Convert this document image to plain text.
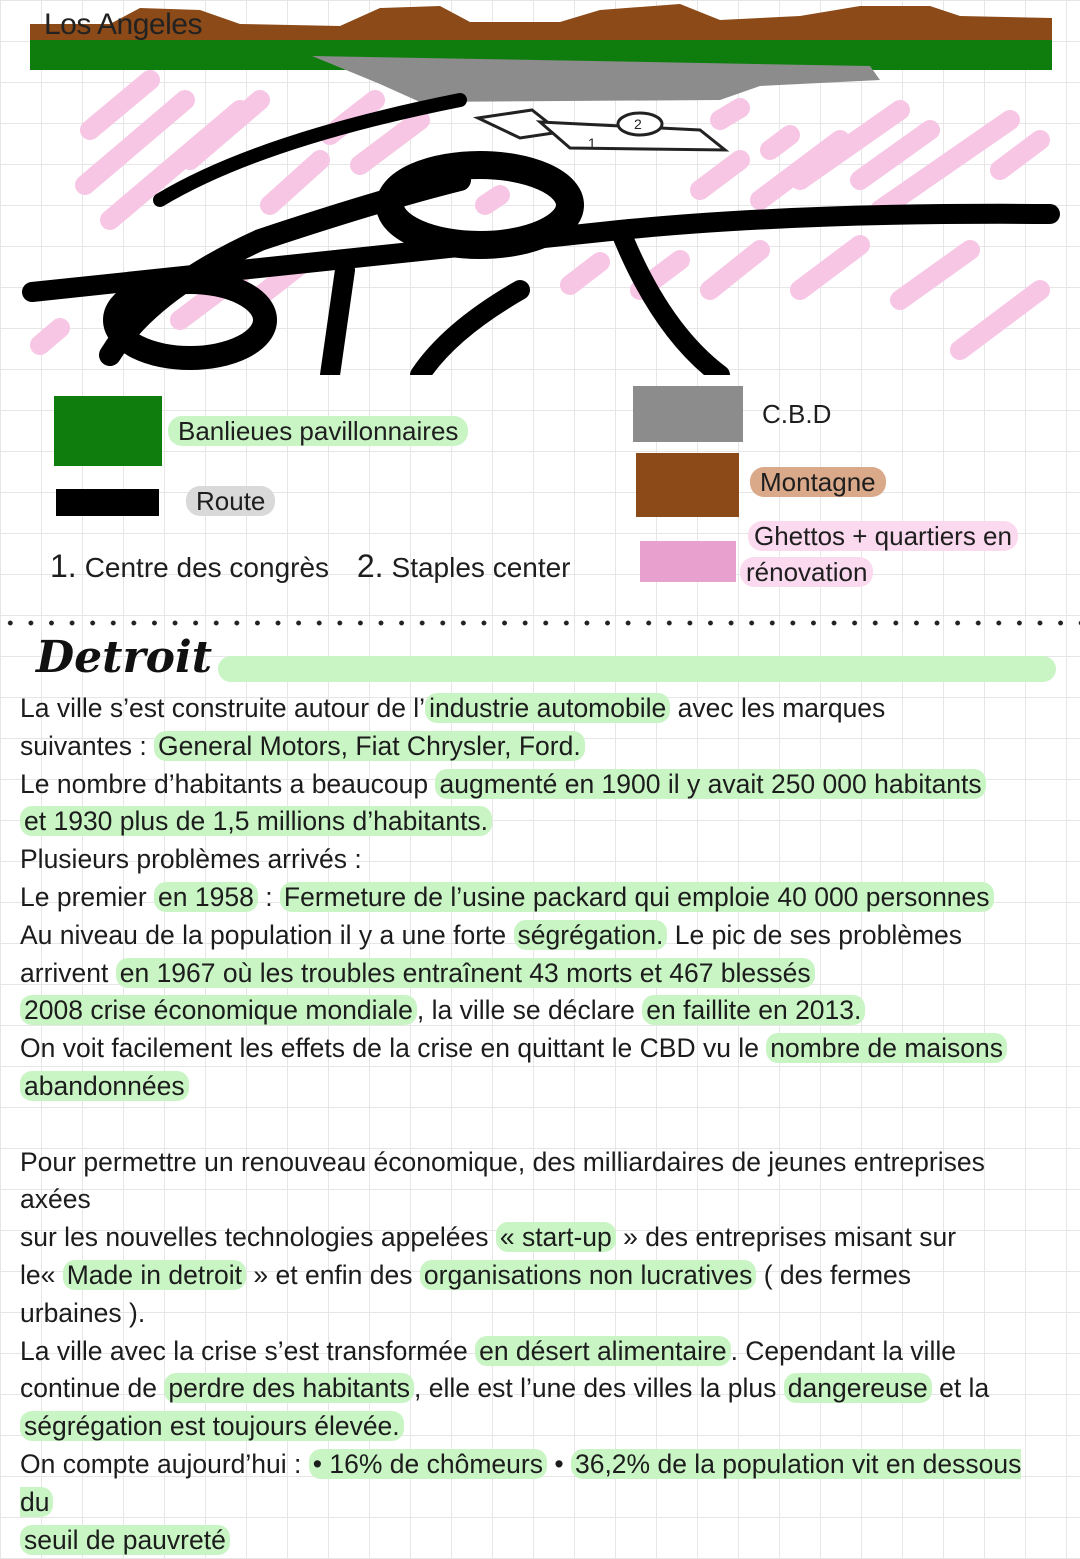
1
2
Los Angeles
Banlieues pavillonnaires
Route
C.B.D
Montagne
Ghettos + quartiers en
rénovation
1. Centre des congrès 2. Staples center
Detroit

La ville s’est construite autour de l’ industrie automobile avec les marques

suivantes : General Motors, Fiat Chrysler, Ford.

Le nombre d’habitants a beaucoup augmenté en 1900 il y avait 250 000 habitants

et 1930 plus de 1,5 millions d’habitants.

Plusieurs problèmes arrivés :

Le premier en 1958 : Fermeture de l’usine packard qui emploie 40 000 personnes

Au niveau de la population il y a une forte ségrégation. Le pic de ses problèmes

arrivent en 1967 où les troubles entraînent 43 morts et 467 blessés

2008 crise économique mondiale , la ville se déclare en faillite en 2013.

On voit facilement les effets de la crise en quittant le CBD vu le nombre de maisons

abandonnées

Pour permettre un renouveau économique, des milliardaires de jeunes entreprises axées

sur les nouvelles technologies appelées « start-up » des entreprises misant sur

le« Made in detroit » et enfin des organisations non lucratives ( des fermes

urbaines ).

La ville avec la crise s’est transformée en désert alimentaire . Cependant la ville

continue de perdre des habitants , elle est l’une des villes la plus dangereuse et la

ségrégation est toujours élevée.

On compte aujourd’hui : • 16% de chômeurs • 36,2% de la population vit en dessous du

seuil de pauvreté
